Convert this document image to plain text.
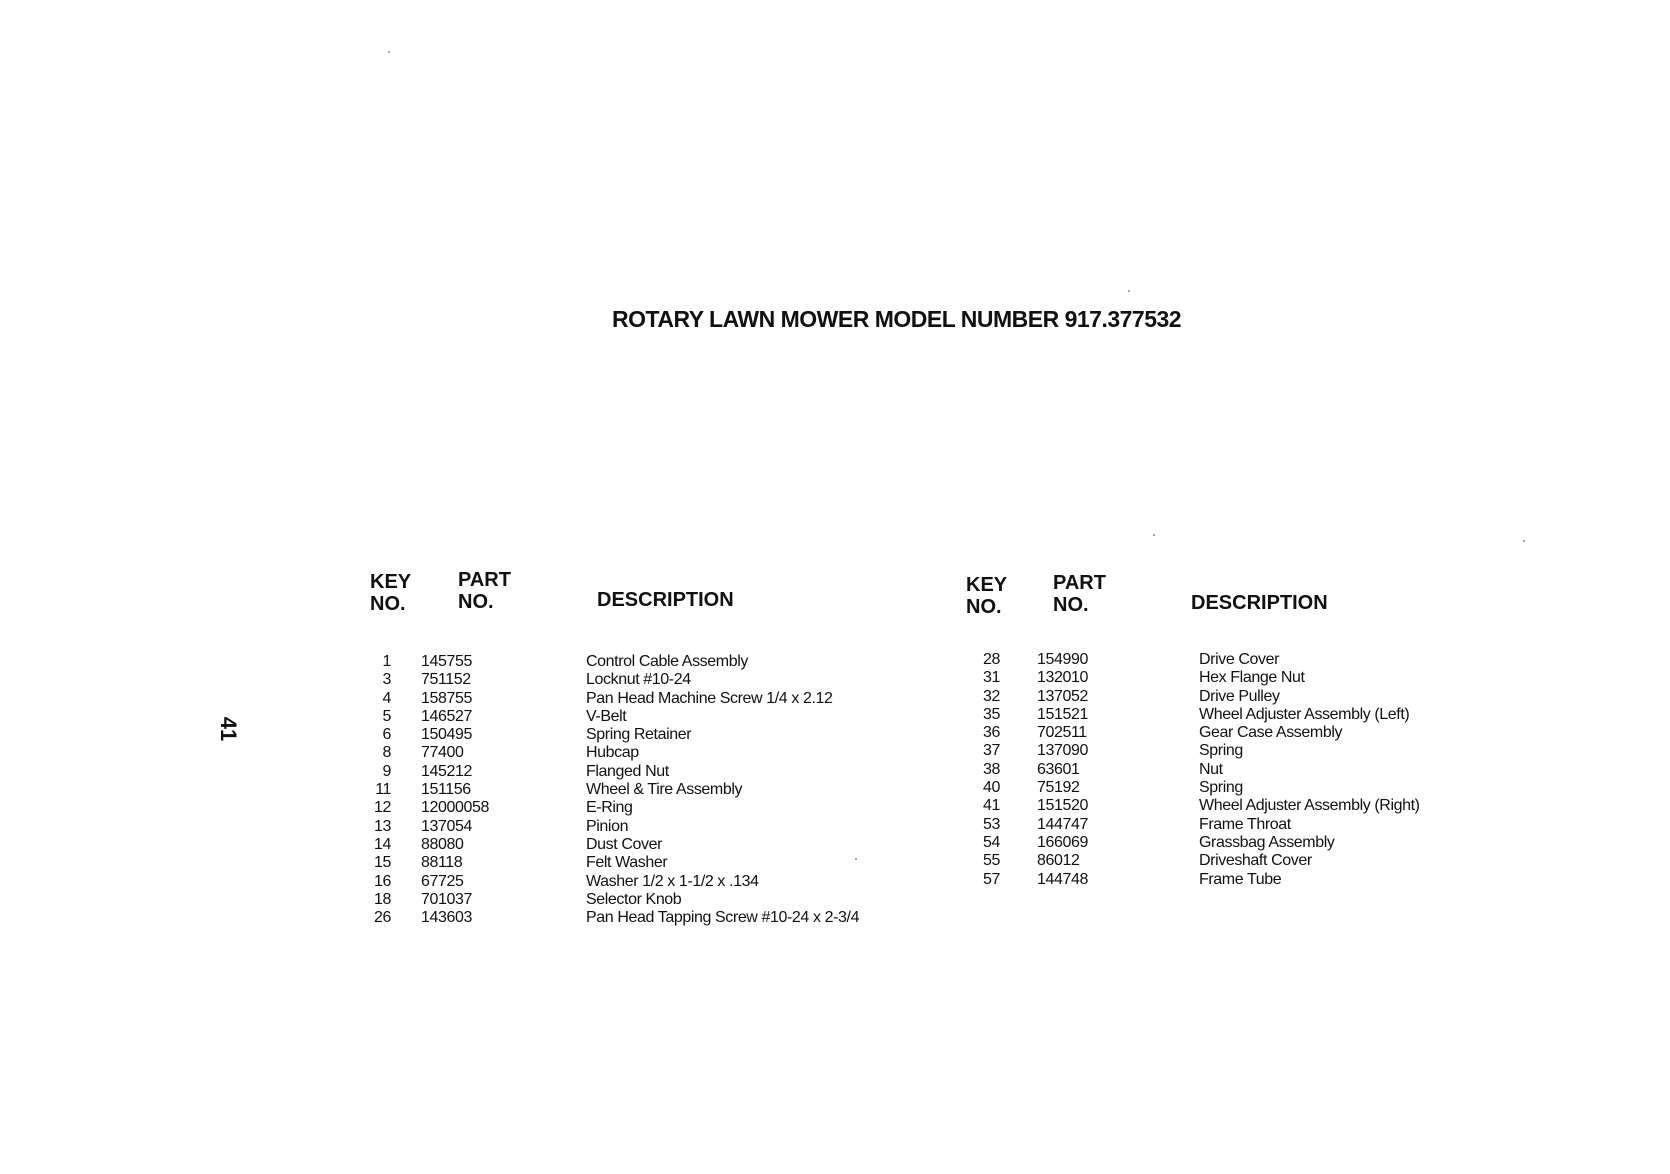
ROTARY LAWN MOWER MODEL NUMBER 917.377532
41
KEY
NO.
PART
NO.	DESCRIPTION
KEY
NO.
PART
NO.	DESCRIPTION
1 145755	Control Cable Assembly
3 751152	Locknut #10-24
4 158755	Pan Head Machine Screw 1/4 x 2.12
5 146527	V-Belt
6 150495	Spring Retainer
8 77400	Hubcap
9 145212	Flanged Nut
11 151156	Wheel & Tire Assembly
12 12000058	E-Ring
13 137054	Pinion
14 88080	Dust Cover
15 88118	Felt Washer
16 67725	Washer 1/2 x 1-1/2 x .134
18 701037	Selector Knob
26 143603	Pan Head Tapping Screw #10-24 x 2-3/4
28 154990	Drive Cover
31 132010	Hex Flange Nut
32 137052	Drive Pulley
35 151521	Wheel Adjuster Assembly (Left)
36 702511	Gear Case Assembly
37 137090	Spring
38 63601	Nut
40 75192	Spring
41 151520	Wheel Adjuster Assembly (Right)
53 144747	Frame Throat
54 166069	Grassbag Assembly
55 86012	Driveshaft Cover
57 144748	Frame Tube
